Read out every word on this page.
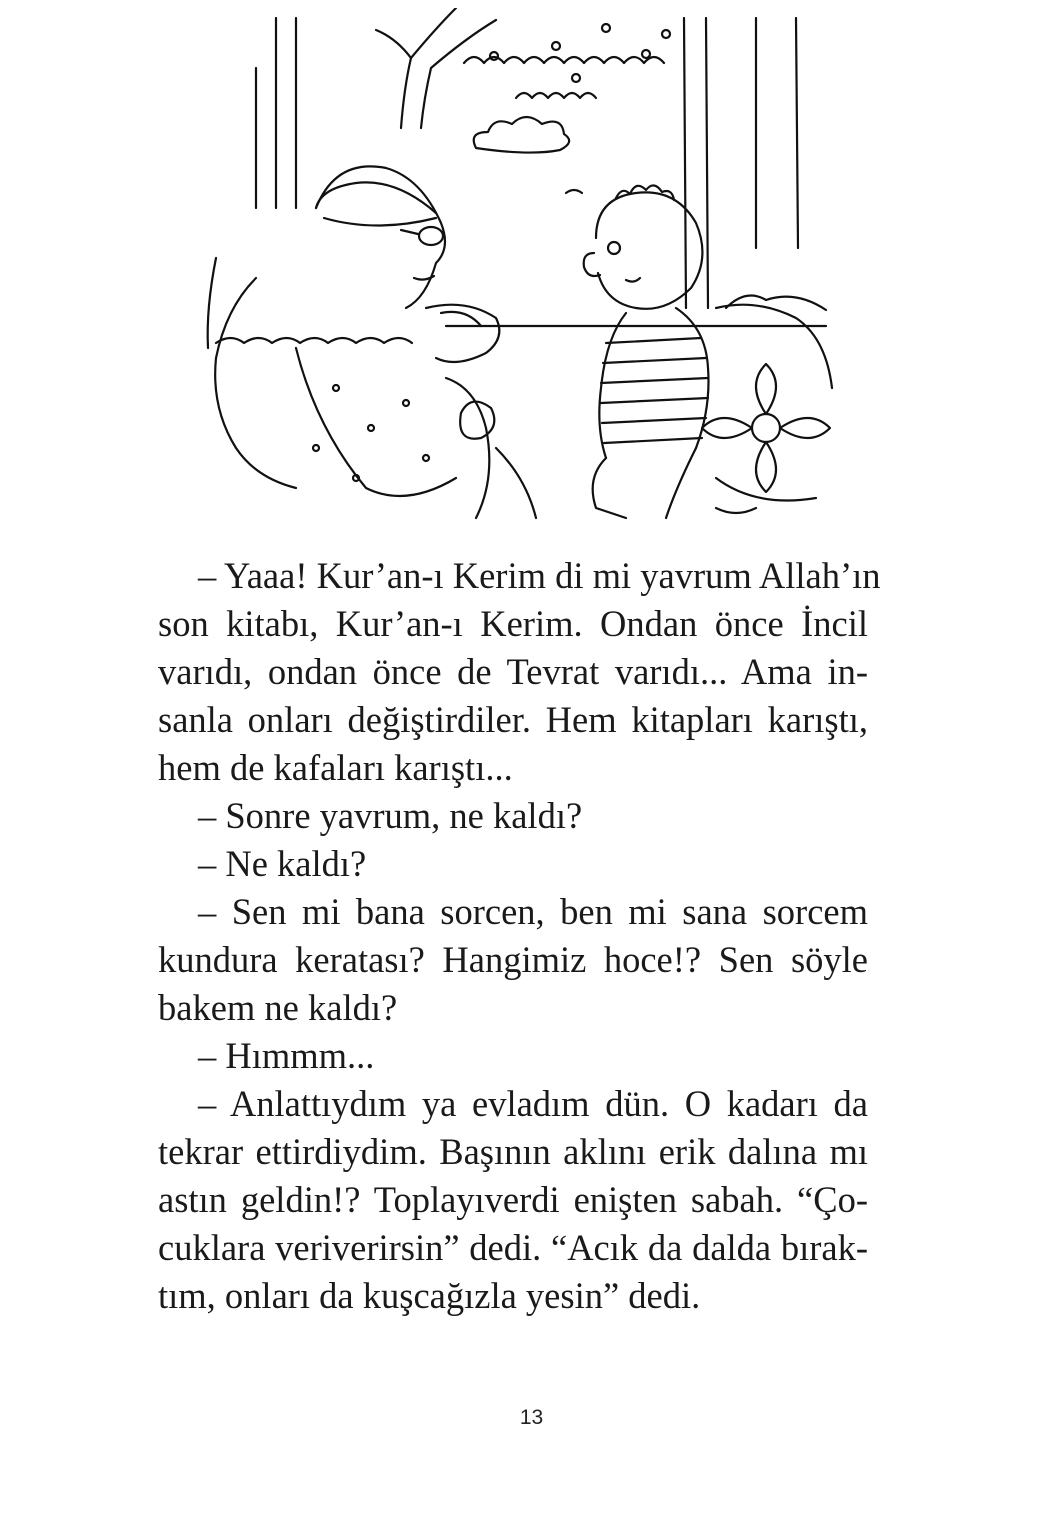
– Yaaa! Kur’an-ı Kerim di mi yavrum Allah’ın
son kitabı, Kur’an-ı Kerim. Ondan önce İncil
varıdı, ondan önce de Tevrat varıdı... Ama in-
sanla onları değiştirdiler. Hem kitapları karıştı,
hem de kafaları karıştı...

– Sonre yavrum, ne kaldı?

– Ne kaldı?

– Sen mi bana sorcen, ben mi sana sorcem
kundura keratası? Hangimiz hoce!? Sen söyle
bakem ne kaldı?

– Hımmm...

– Anlattıydım ya evladım dün. O kadarı da
tekrar ettirdiydim. Başının aklını erik dalına mı
astın geldin!? Toplayıverdi enişten sabah. “Ço-
cuklara veriverirsin” dedi. “Acık da dalda bırak-
tım, onları da kuşcağızla yesin” dedi.

13
